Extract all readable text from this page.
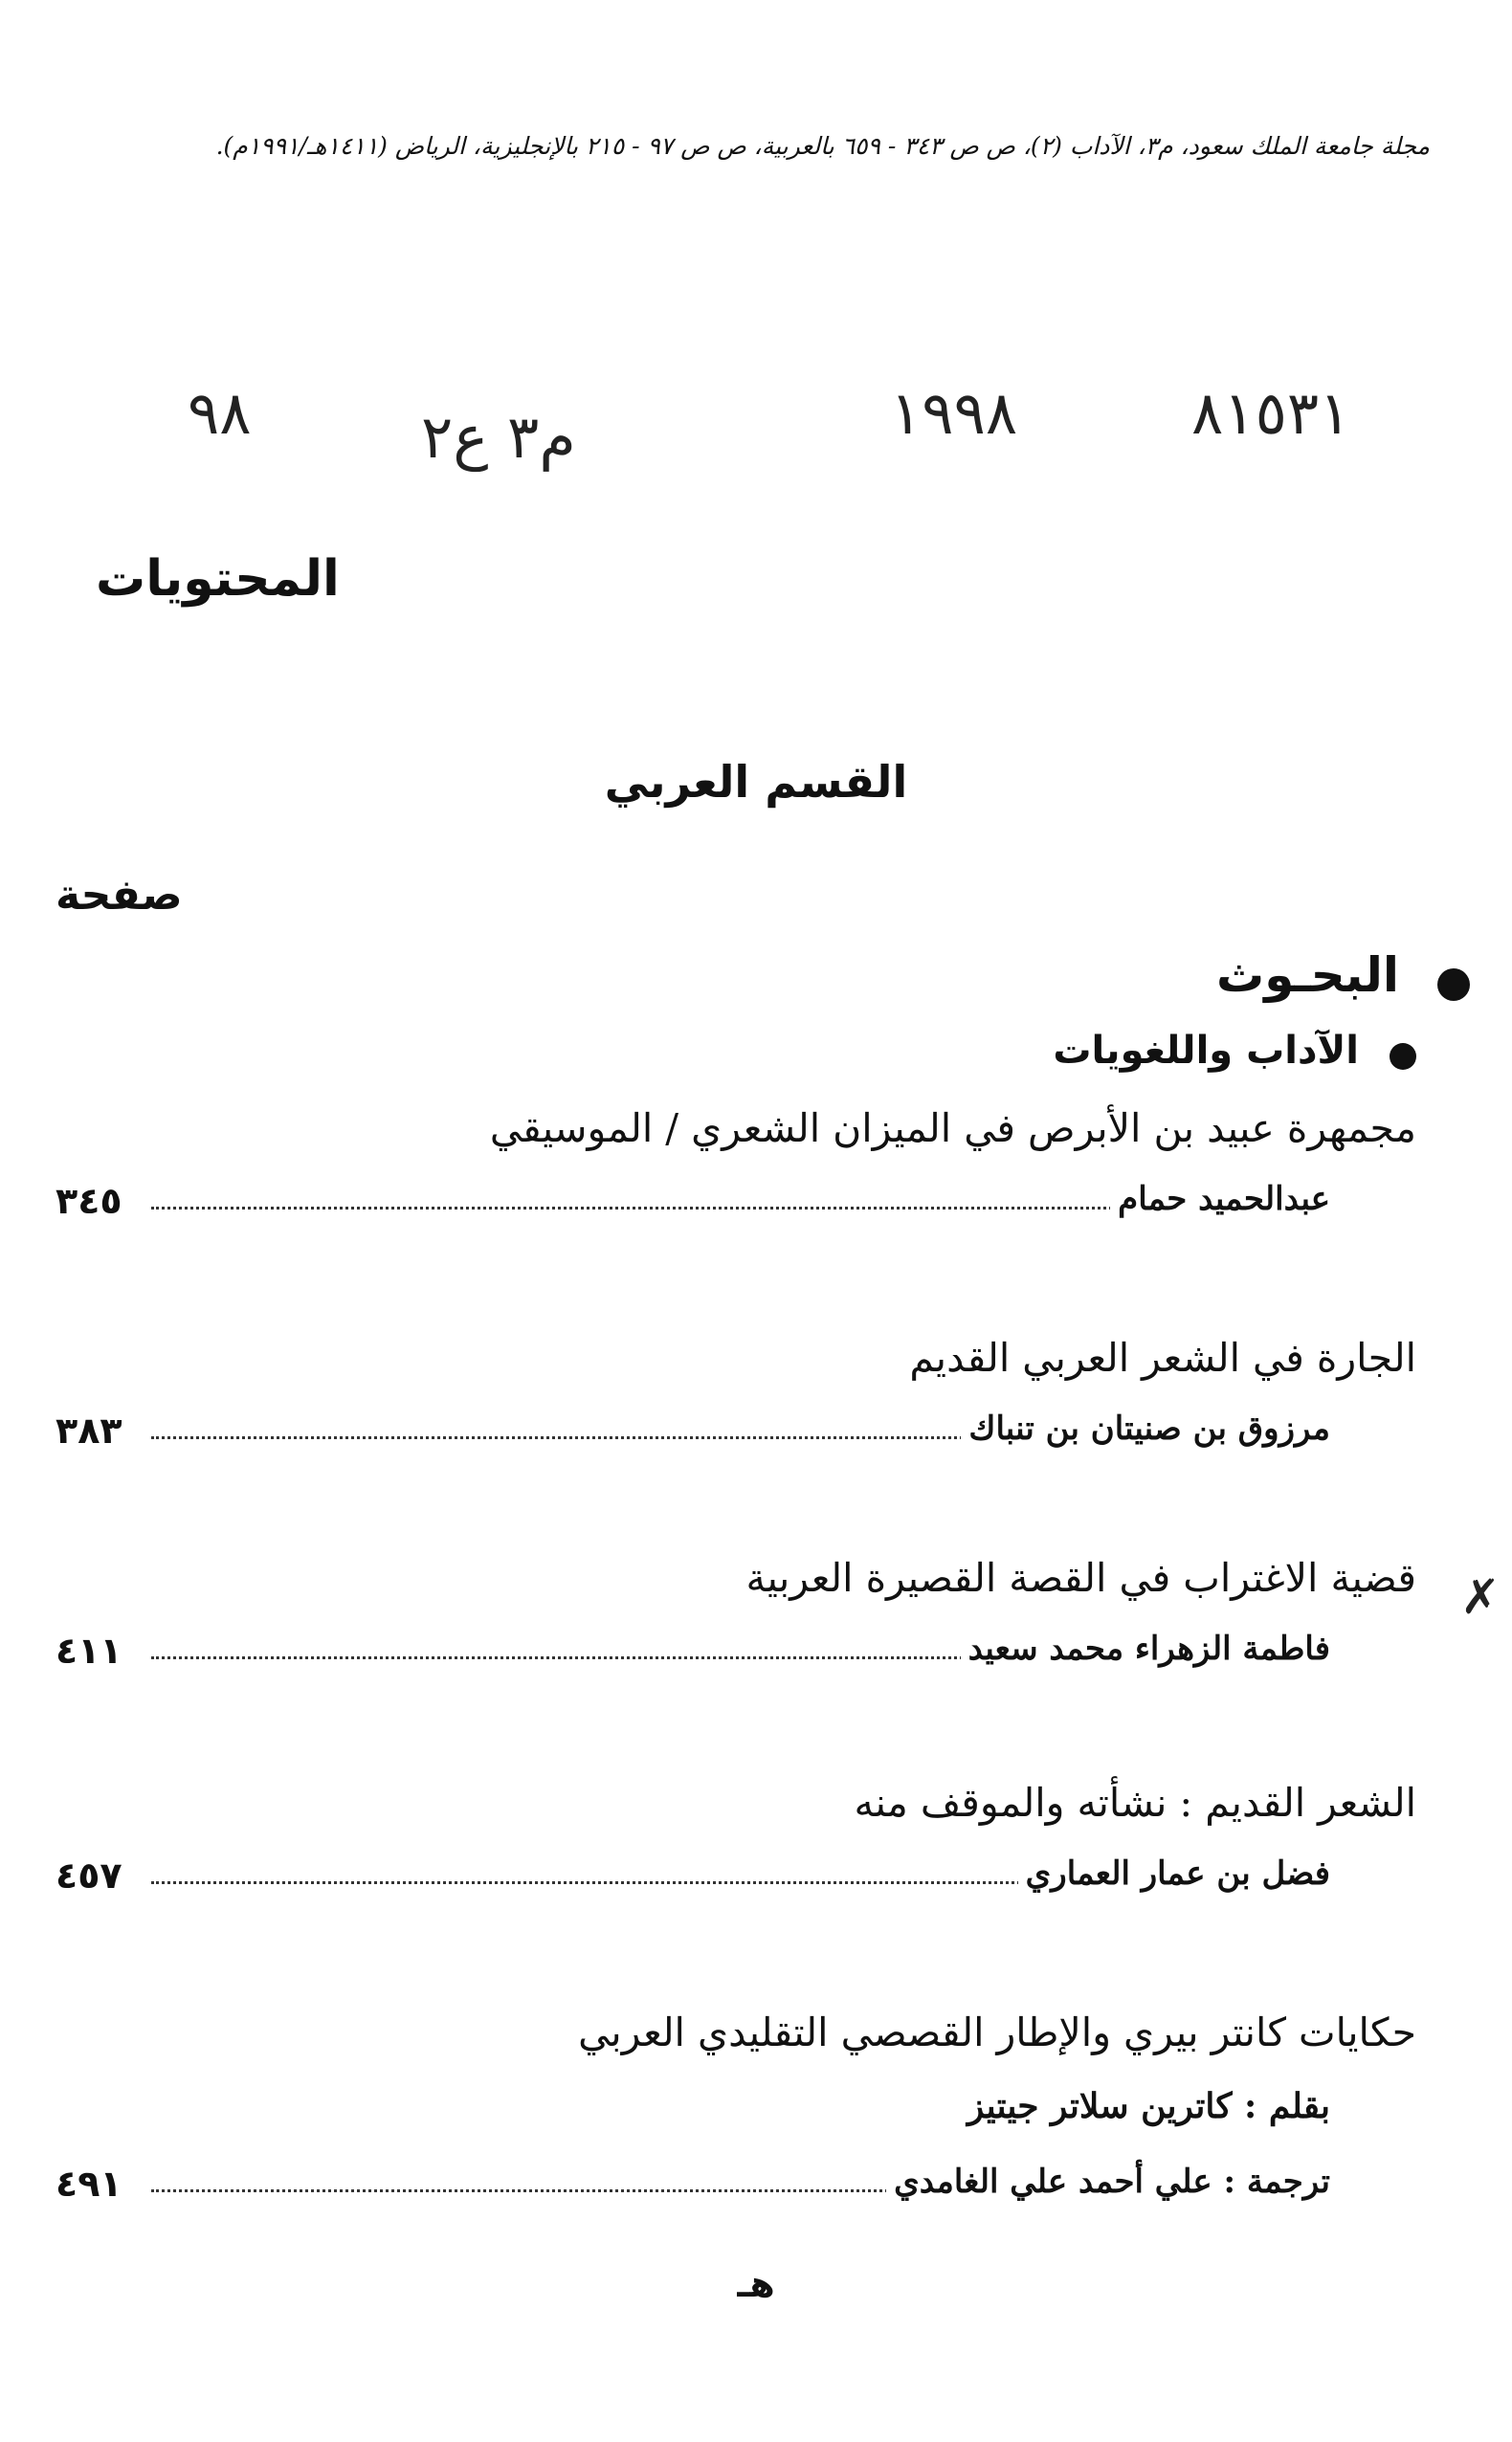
مجلة جامعة الملك سعود، م٣، الآداب (٢)، ص ص ٣٤٣ - ٦٥٩ بالعربية، ص ص ٩٧ - ٢١٥ بالإنجليزية، الرياض (١٤١١هـ/١٩٩١م).
٨١٥٣١
١٩٩٨
م٣ ع٢
٩٨
المحتويات
القسم العربي
صفحة
البحـوث
الآداب واللغويات
مجمهرة عبيد بن الأبرص في الميزان الشعري / الموسيقي
عبدالحميد حمام
٣٤٥
الجارة في الشعر العربي القديم
مرزوق بن صنيتان بن تنباك
٣٨٣
قضية الاغتراب في القصة القصيرة العربية
فاطمة الزهراء محمد سعيد
٤١١
✗
الشعر القديم : نشأته والموقف منه
فضل بن عمار العماري
٤٥٧
حكايات كانتر بيري والإطار القصصي التقليدي العربي
بقلم : كاترين سلاتر جيتيز
ترجمة : علي أحمد علي الغامدي
٤٩١
هـ
